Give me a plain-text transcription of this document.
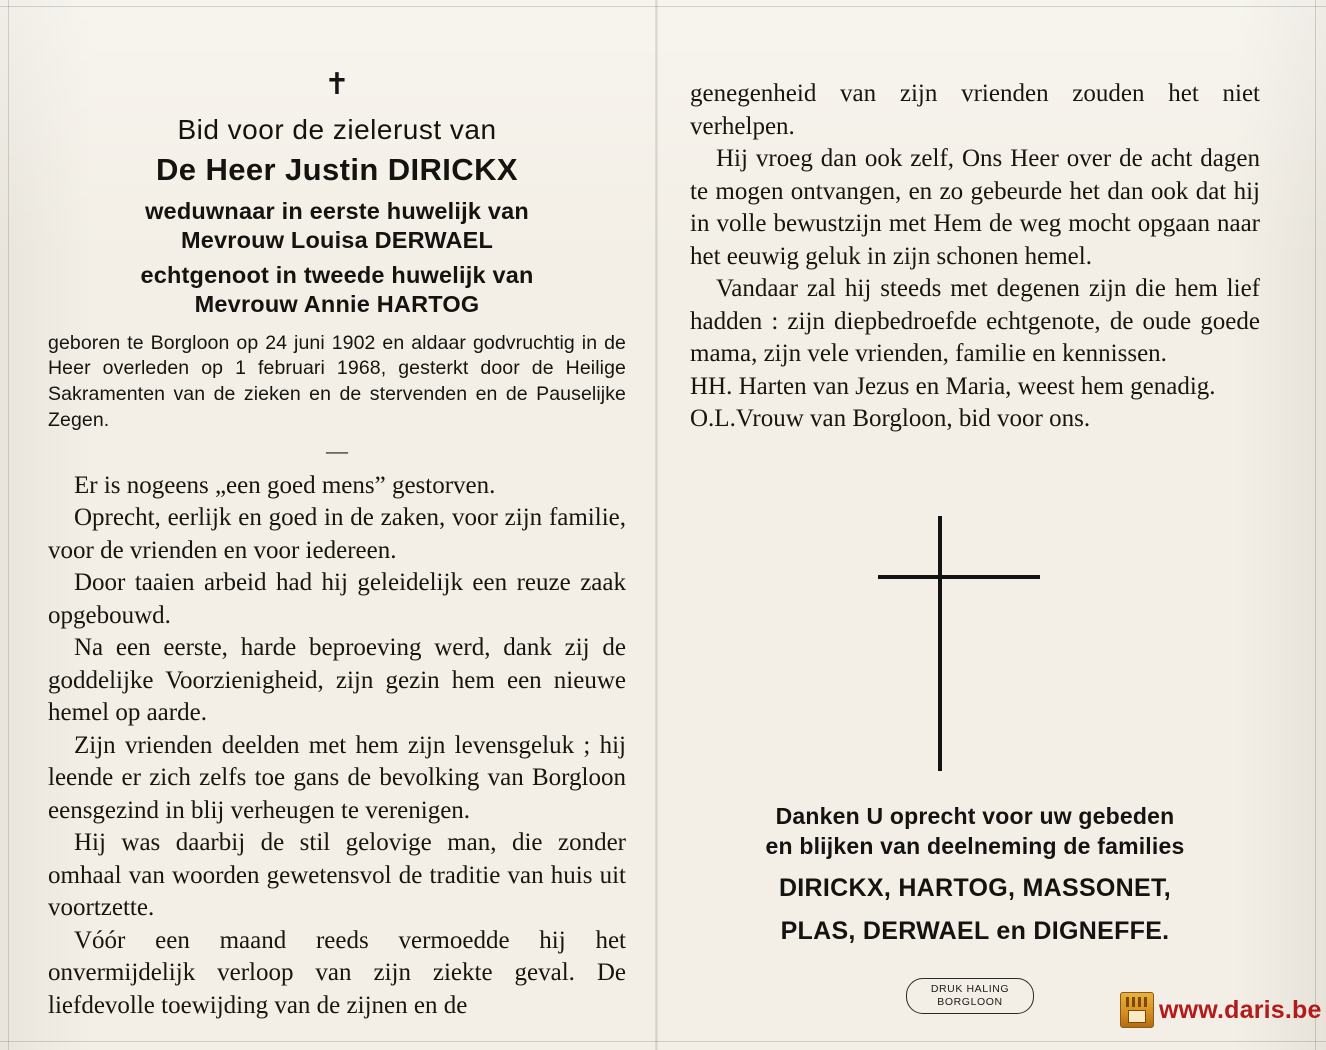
✝
Bid voor de zielerust van
De Heer Justin DIRICKX
weduwnaar in eerste huwelijk van
Mevrouw Louisa DERWAEL
echtgenoot in tweede huwelijk van
Mevrouw Annie HARTOG
geboren te Borgloon op 24 juni 1902 en aldaar godvruchtig in de Heer overleden op 1 februari 1968, gesterkt door de Heilige Sakramenten van de zieken en de stervenden en de Pauselijke Zegen.
—

Er is nogeens „een goed mens” gestorven.

Oprecht, eerlijk en goed in de zaken, voor zijn familie, voor de vrienden en voor iedereen.

Door taaien arbeid had hij geleidelijk een reuze zaak opgebouwd.

Na een eerste, harde beproeving werd, dank zij de goddelijke Voorzienigheid, zijn gezin hem een nieuwe hemel op aarde.

Zijn vrienden deelden met hem zijn levensgeluk ; hij leende er zich zelfs toe gans de bevolking van Borgloon eensgezind in blij verheugen te verenigen.

Hij was daarbij de stil gelovige man, die zonder omhaal van woorden gewetensvol de traditie van huis uit voortzette.

Vóór een maand reeds vermoedde hij het onvermijdelijk verloop van zijn ziekte geval. De liefdevolle toewijding van de zijnen en de

genegenheid van zijn vrienden zouden het niet verhelpen.

Hij vroeg dan ook zelf, Ons Heer over de acht dagen te mogen ontvangen, en zo gebeurde het dan ook dat hij in volle bewustzijn met Hem de weg mocht opgaan naar het eeuwig geluk in zijn schonen hemel.

Vandaar zal hij steeds met degenen zijn die hem lief hadden : zijn diepbedroefde echtgenote, de oude goede mama, zijn vele vrienden, familie en kennissen.

HH. Harten van Jezus en Maria, weest hem genadig.

O.L.Vrouw van Borgloon, bid voor ons.

Danken U oprecht voor uw gebeden
en blijken van deelneming de families
DIRICKX, HARTOG, MASSONET,
PLAS, DERWAEL en DIGNEFFE.
DRUK HALING
BORGLOON	www.daris.be
